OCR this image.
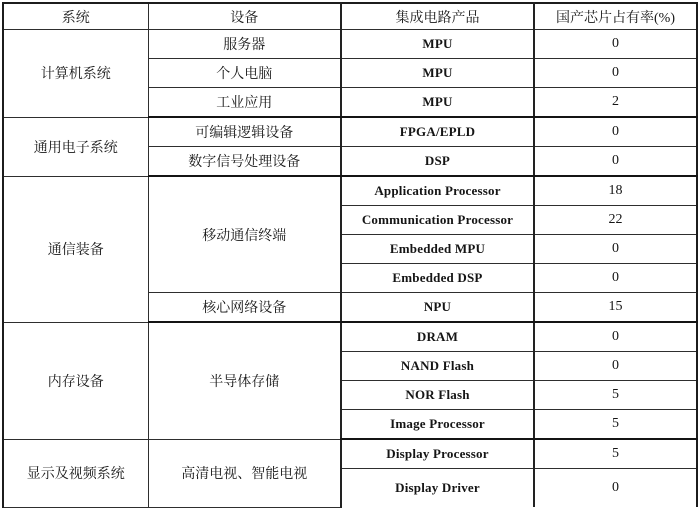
系统	设备	集成电路产品	国产芯片占有率(%)
计算机系统	服务器	MPU	0
	个人电脑	MPU	0
	工业应用	MPU	2
通用电子系统	可编辑逻辑设备	FPGA/EPLD	0
	数字信号处理设备	DSP	0
通信装备	移动通信终端	Application Processor	18
		Communication Processor	22
		Embedded MPU	0
		Embedded DSP	0
	核心网络设备	NPU	15
内存设备	半导体存储	DRAM	0
		NAND Flash	0
		NOR Flash	5
		Image Processor	5
显示及视频系统	高清电视、智能电视	Display Processor	5
		Display Driver	0
